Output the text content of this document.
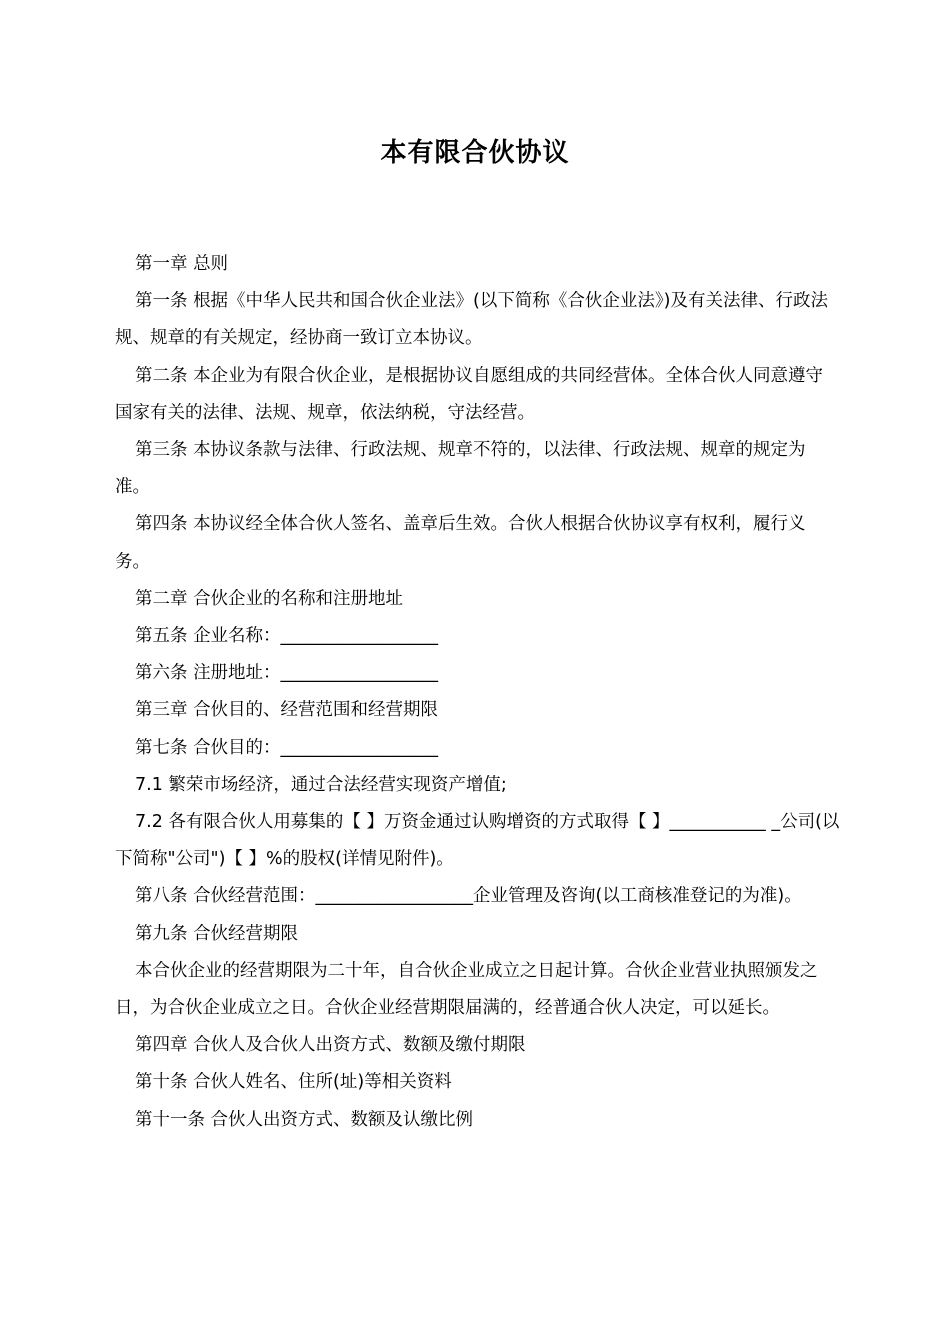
本有限合伙协议

第一章 总则

第一条 根据《中华人民共和国合伙企业法》(以下简称《合伙企业法》)及有关法律、行政法规、规章的有关规定，经协商一致订立本协议。

第二条 本企业为有限合伙企业，是根据协议自愿组成的共同经营体。全体合伙人同意遵守国家有关的法律、法规、规章，依法纳税，守法经营。

第三条 本协议条款与法律、行政法规、规章不符的，以法律、行政法规、规章的规定为准。

第四条 本协议经全体合伙人签名、盖章后生效。合伙人根据合伙协议享有权利，履行义务。

第二章 合伙企业的名称和注册地址

第五条 企业名称：__________________

第六条 注册地址：__________________

第三章 合伙目的、经营范围和经营期限

第七条 合伙目的：__________________

7.1 繁荣市场经济，通过合法经营实现资产增值;

7.2 各有限合伙人用募集的【 】万资金通过认购增资的方式取得【 】___________ _公司(以下简称"公司")【 】%的股权(详情见附件)。

第八条 合伙经营范围：__________________企业管理及咨询(以工商核准登记的为准)。

第九条 合伙经营期限

本合伙企业的经营期限为二十年，自合伙企业成立之日起计算。合伙企业营业执照颁发之日，为合伙企业成立之日。合伙企业经营期限届满的，经普通合伙人决定，可以延长。

第四章 合伙人及合伙人出资方式、数额及缴付期限

第十条 合伙人姓名、住所(址)等相关资料

第十一条 合伙人出资方式、数额及认缴比例
